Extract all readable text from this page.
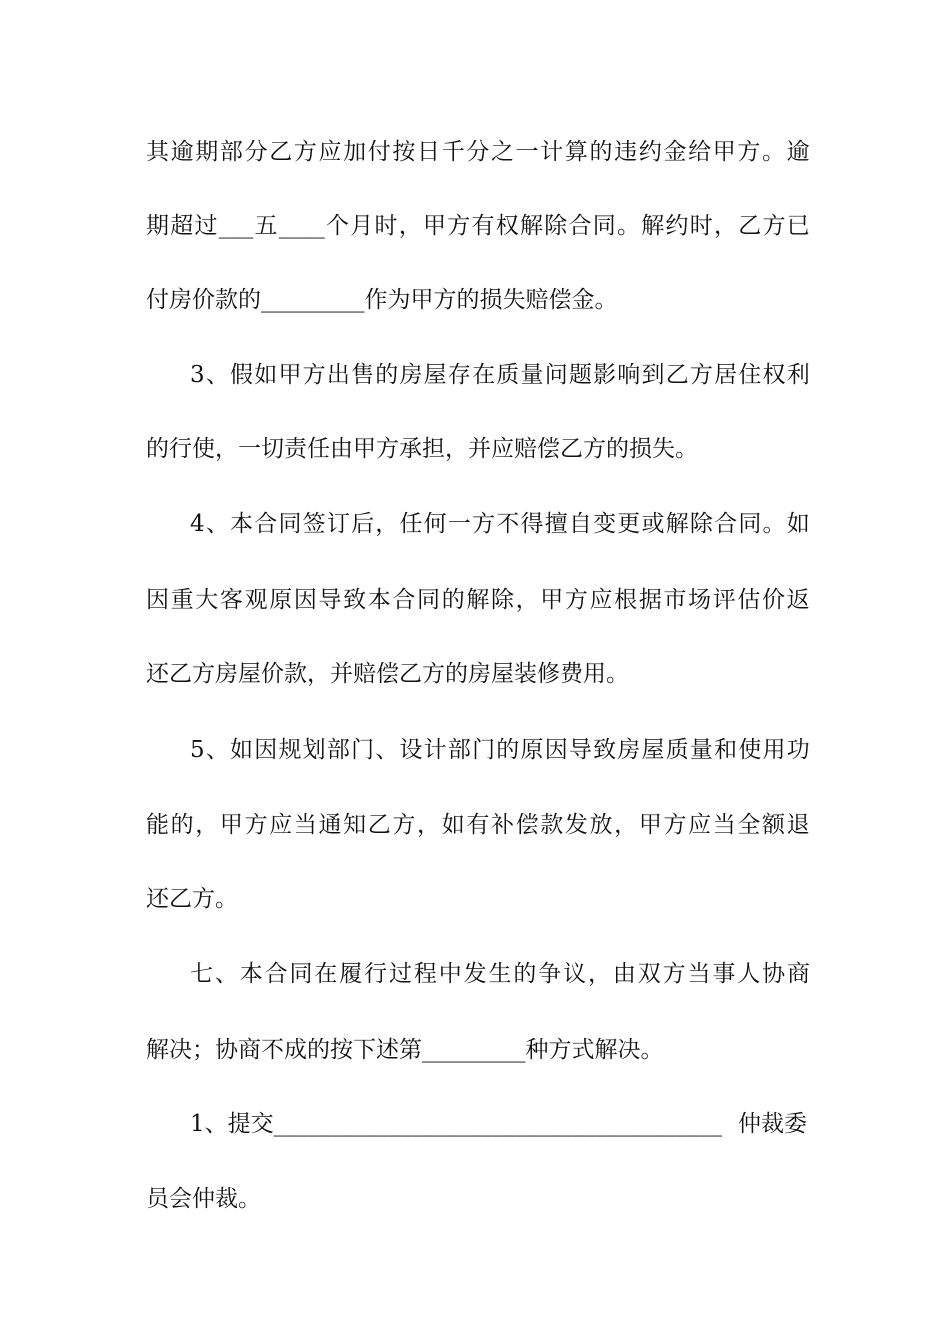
其 逾 期 部 分 乙 方 应 加 付 按 日 千 分 之 一 计 算 的 违 约 金 给 甲 方 。 逾
期 超 过 ___ 五 ____ 个 月 时 ， 甲 方 有 权 解 除 合 同 。 解 约 时 ， 乙 方 已
付房价款的_________作为甲方的损失赔偿金。
3 、 假 如 甲 方 出 售 的 房 屋 存 在 质 量 问 题 影 响 到 乙 方 居 住 权 利
的行使，一切责任由甲方承担，并应赔偿乙方的损失。
4 、 本 合 同 签 订 后 ， 任 何 一 方 不 得 擅 自 变 更 或 解 除 合 同 。 如
因 重 大 客 观 原 因 导 致 本 合 同 的 解 除 ， 甲 方 应 根 据 市 场 评 估 价 返
还乙方房屋价款，并赔偿乙方的房屋装修费用。
5 、 如 因 规 划 部 门 、 设 计 部 门 的 原 因 导 致 房 屋 质 量 和 使 用 功
能 的 ， 甲 方 应 当 通 知 乙 方 ， 如 有 补 偿 款 发 放 ， 甲 方 应 当 全 额 退
还乙方。
七 、 本 合 同 在 履 行 过 程 中 发 生 的 争 议 ， 由 双 方 当 事 人 协 商
解决；协商不成的按下述第_________种方式解决。
1、提交_______________________________________ 仲裁委
员会仲裁。
